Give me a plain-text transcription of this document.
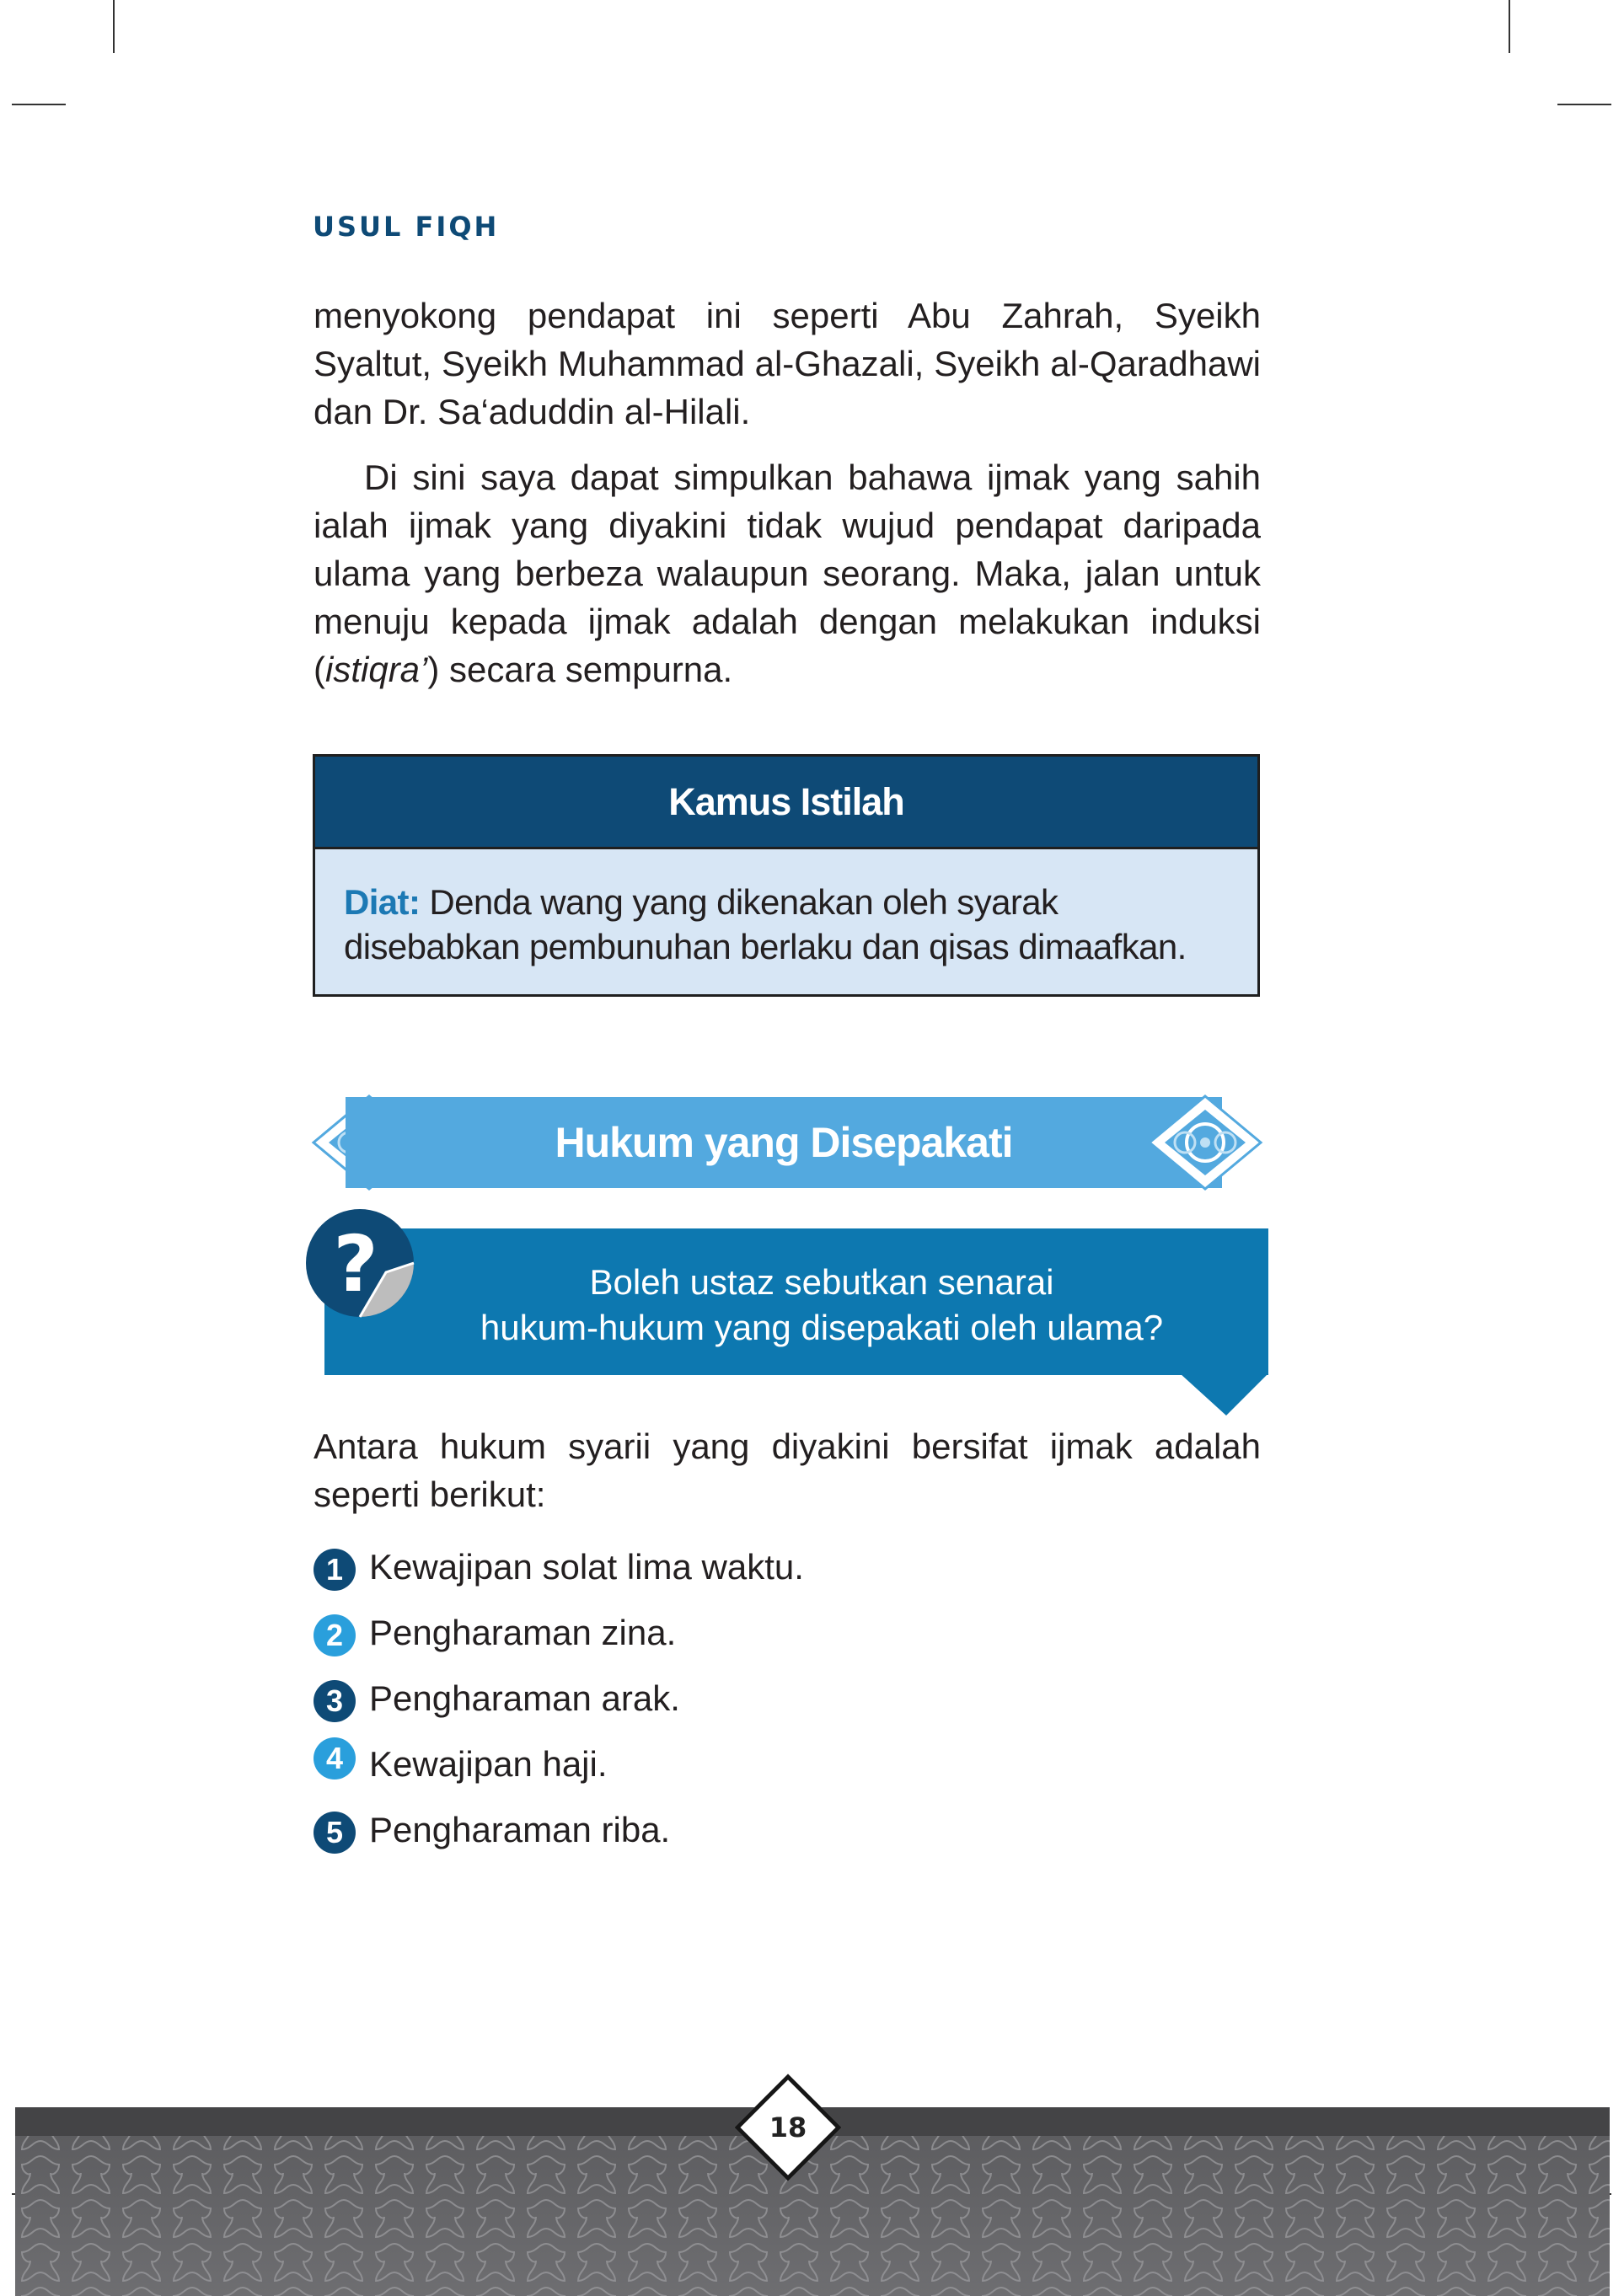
USUL FIQH

menyokong pendapat ini seperti Abu Zahrah, Syeikh Syaltut, Syeikh Muhammad al-Ghazali, Syeikh al-Qaradhawi dan Dr. Sa‘aduddin al-Hilali.

Di sini saya dapat simpulkan bahawa ijmak yang sahih ialah ijmak yang diyakini tidak wujud pendapat daripada ulama yang berbeza walaupun seorang. Maka, jalan untuk menuju kepada ijmak adalah dengan melakukan induksi (istiqra’) secara sempurna.

Kamus Istilah
Diat: Denda wang yang dikenakan oleh syarak disebabkan pembunuhan berlaku dan qisas dimaafkan.
Hukum yang Disepakati
Boleh ustaz sebutkan senarai
hukum-hukum yang disepakati oleh ulama?
?

Antara hukum syarii yang diyakini bersifat ijmak adalah seperti berikut:

1 Kewajipan solat lima waktu.
2 Pengharaman zina.
3 Pengharaman arak.
4 Kewajipan haji.
5 Pengharaman riba.
18
